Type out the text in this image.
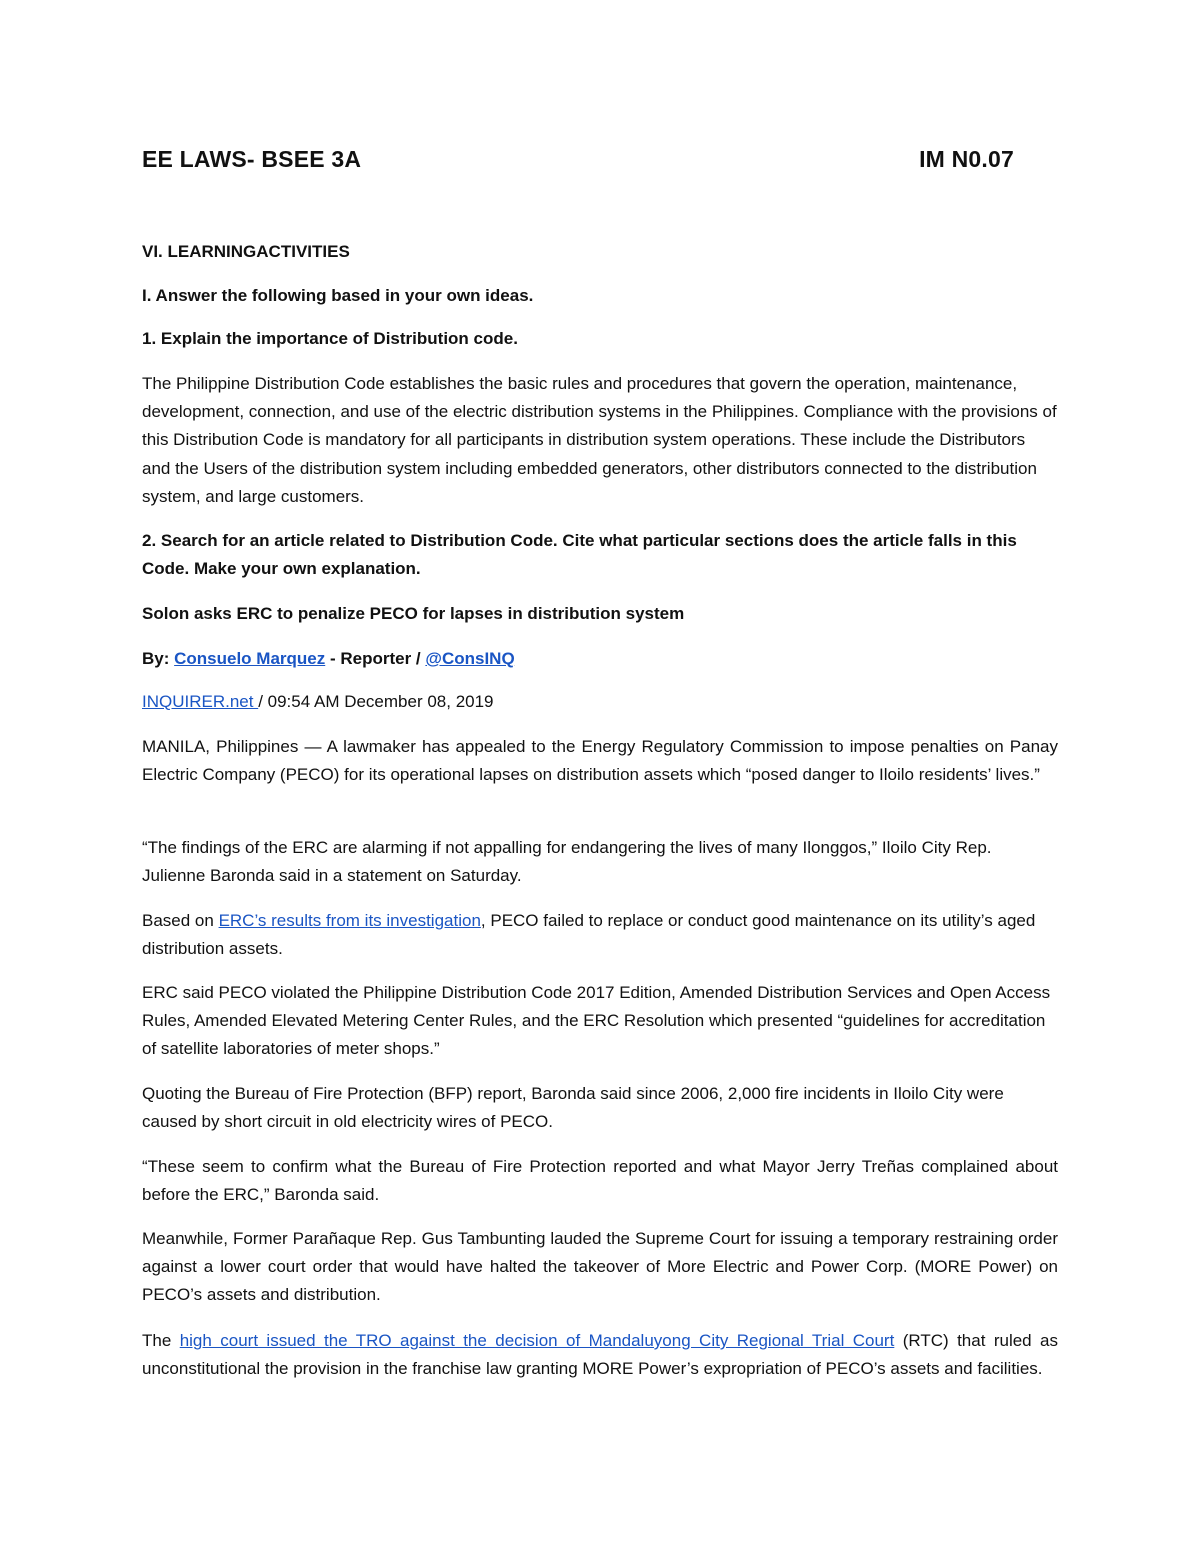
EE LAWS- BSEE 3A	IM N0.07
VI. LEARNINGACTIVITIES
I. Answer the following based in your own ideas.
1. Explain the importance of Distribution code.
The Philippine Distribution Code establishes the basic rules and procedures that govern the operation, maintenance, development, connection, and use of the electric distribution systems in the Philippines. Compliance with the provisions of this Distribution Code is mandatory for all participants in distribution system operations. These include the Distributors and the Users of the distribution system including embedded generators, other distributors connected to the distribution system, and large customers.
2. Search for an article related to Distribution Code. Cite what particular sections does the article falls in this Code. Make your own explanation.
Solon asks ERC to penalize PECO for lapses in distribution system
By: Consuelo Marquez - Reporter / @ConsINQ
INQUIRER.net / 09:54 AM December 08, 2019
MANILA, Philippines — A lawmaker has appealed to the Energy Regulatory Commission to impose penalties on Panay Electric Company (PECO) for its operational lapses on distribution assets which “posed danger to Iloilo residents’ lives.”
“The findings of the ERC are alarming if not appalling for endangering the lives of many Ilonggos,” Iloilo City Rep. Julienne Baronda said in a statement on Saturday.
Based on ERC’s results from its investigation, PECO failed to replace or conduct good maintenance on its utility’s aged distribution assets.
ERC said PECO violated the Philippine Distribution Code 2017 Edition, Amended Distribution Services and Open Access Rules, Amended Elevated Metering Center Rules, and the ERC Resolution which presented “guidelines for accreditation of satellite laboratories of meter shops.”
Quoting the Bureau of Fire Protection (BFP) report, Baronda said since 2006, 2,000 fire incidents in Iloilo City were caused by short circuit in old electricity wires of PECO.
“These seem to confirm what the Bureau of Fire Protection reported and what Mayor Jerry Treñas complained about before the ERC,” Baronda said.
Meanwhile, Former Parañaque Rep. Gus Tambunting lauded the Supreme Court for issuing a temporary restraining order against a lower court order that would have halted the takeover of More Electric and Power Corp. (MORE Power) on PECO’s assets and distribution.
The high court issued the TRO against the decision of Mandaluyong City Regional Trial Court (RTC) that ruled as unconstitutional the provision in the franchise law granting MORE Power’s expropriation of PECO’s assets and facilities.
